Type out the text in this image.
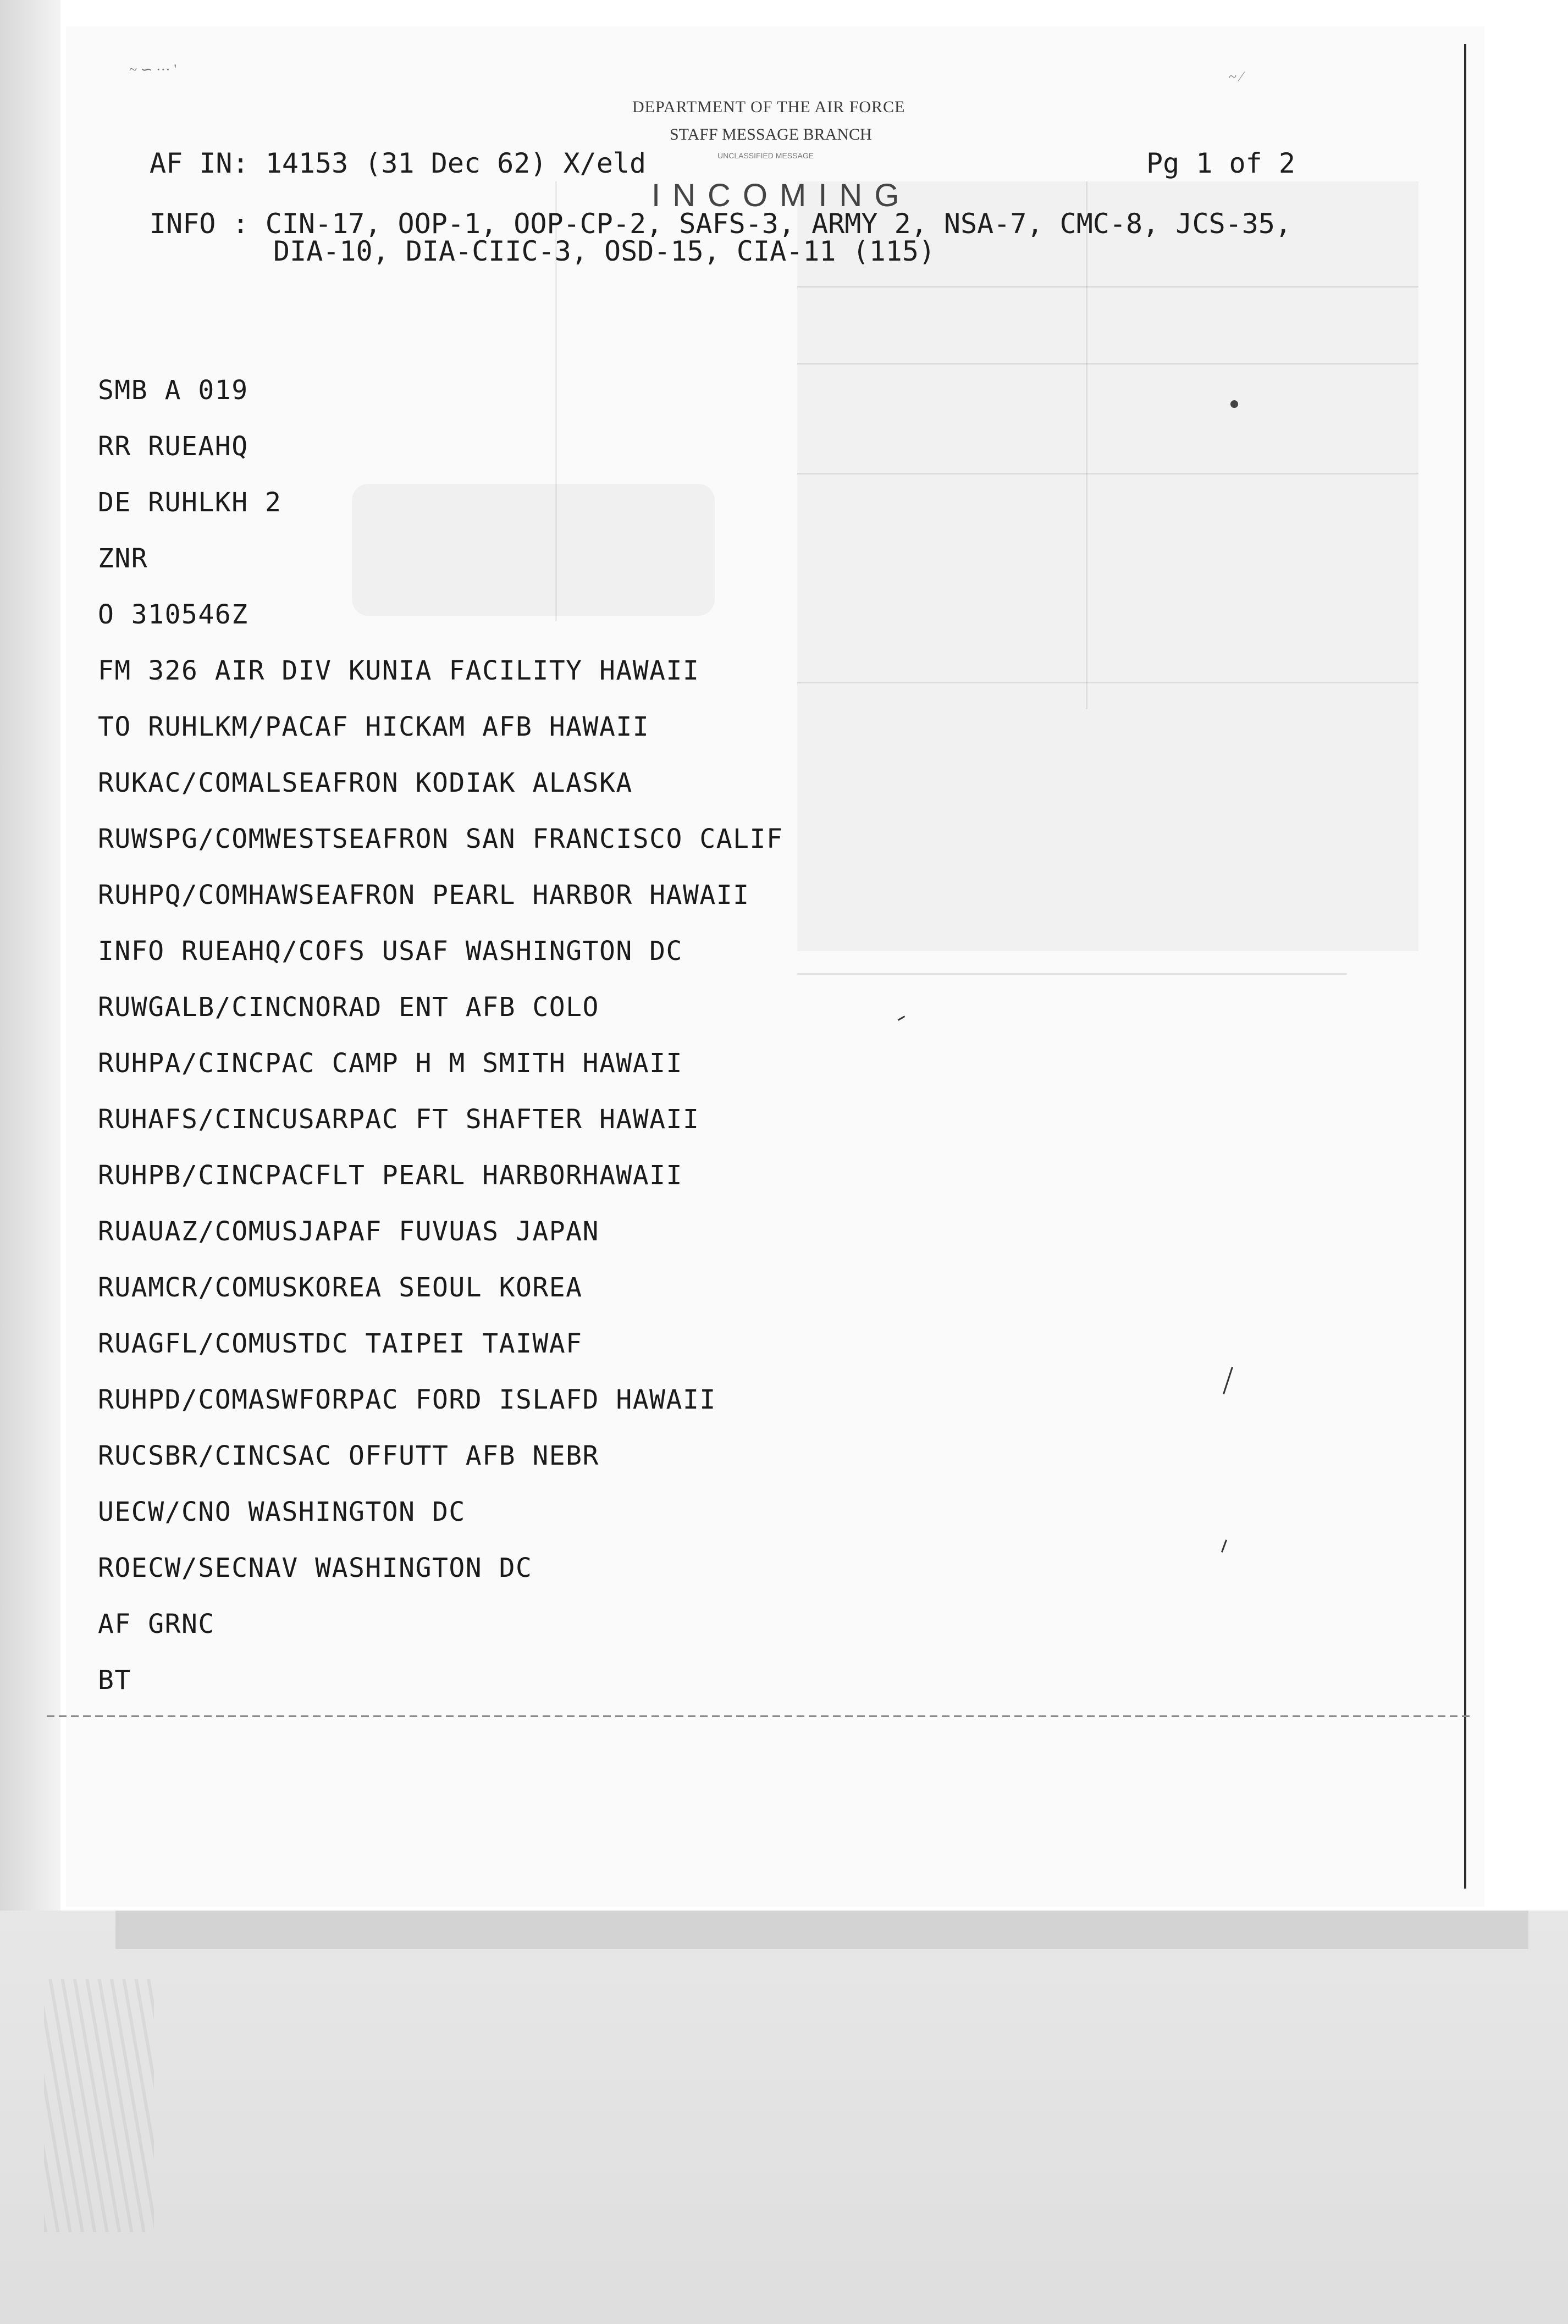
~ ∽ ··· '	~ ⁄
DEPARTMENT OF THE AIR FORCE
STAFF MESSAGE BRANCH
UNCLASSIFIED MESSAGE
INCOMING
AF IN: 14153 (31 Dec 62) X/eld	Pg 1 of 2
INFO : CIN-17, OOP-1, OOP-CP-2, SAFS-3, ARMY 2, NSA-7, CMC-8, JCS-35,
DIA-10, DIA-CIIC-3, OSD-15, CIA-11 (115)
SMB A 019
RR RUEAHQ
DE RUHLKH 2
ZNR
O 310546Z
FM 326 AIR DIV KUNIA FACILITY HAWAII
TO RUHLKM/PACAF HICKAM AFB HAWAII
RUKAC/COMALSEAFRON KODIAK ALASKA
RUWSPG/COMWESTSEAFRON SAN FRANCISCO CALIF
RUHPQ/COMHAWSEAFRON PEARL HARBOR HAWAII
INFO RUEAHQ/COFS USAF WASHINGTON DC
RUWGALB/CINCNORAD ENT AFB COLO
RUHPA/CINCPAC CAMP H M SMITH HAWAII
RUHAFS/CINCUSARPAC FT SHAFTER HAWAII
RUHPB/CINCPACFLT PEARL HARBORHAWAII
RUAUAZ/COMUSJAPAF FUVUAS JAPAN
RUAMCR/COMUSKOREA SEOUL KOREA
RUAGFL/COMUSTDC TAIPEI TAIWAF
RUHPD/COMASWFORPAC FORD ISLAFD HAWAII
RUCSBR/CINCSAC OFFUTT AFB NEBR
UECW/CNO WASHINGTON DC
ROECW/SECNAV WASHINGTON DC
AF GRNC
BT
